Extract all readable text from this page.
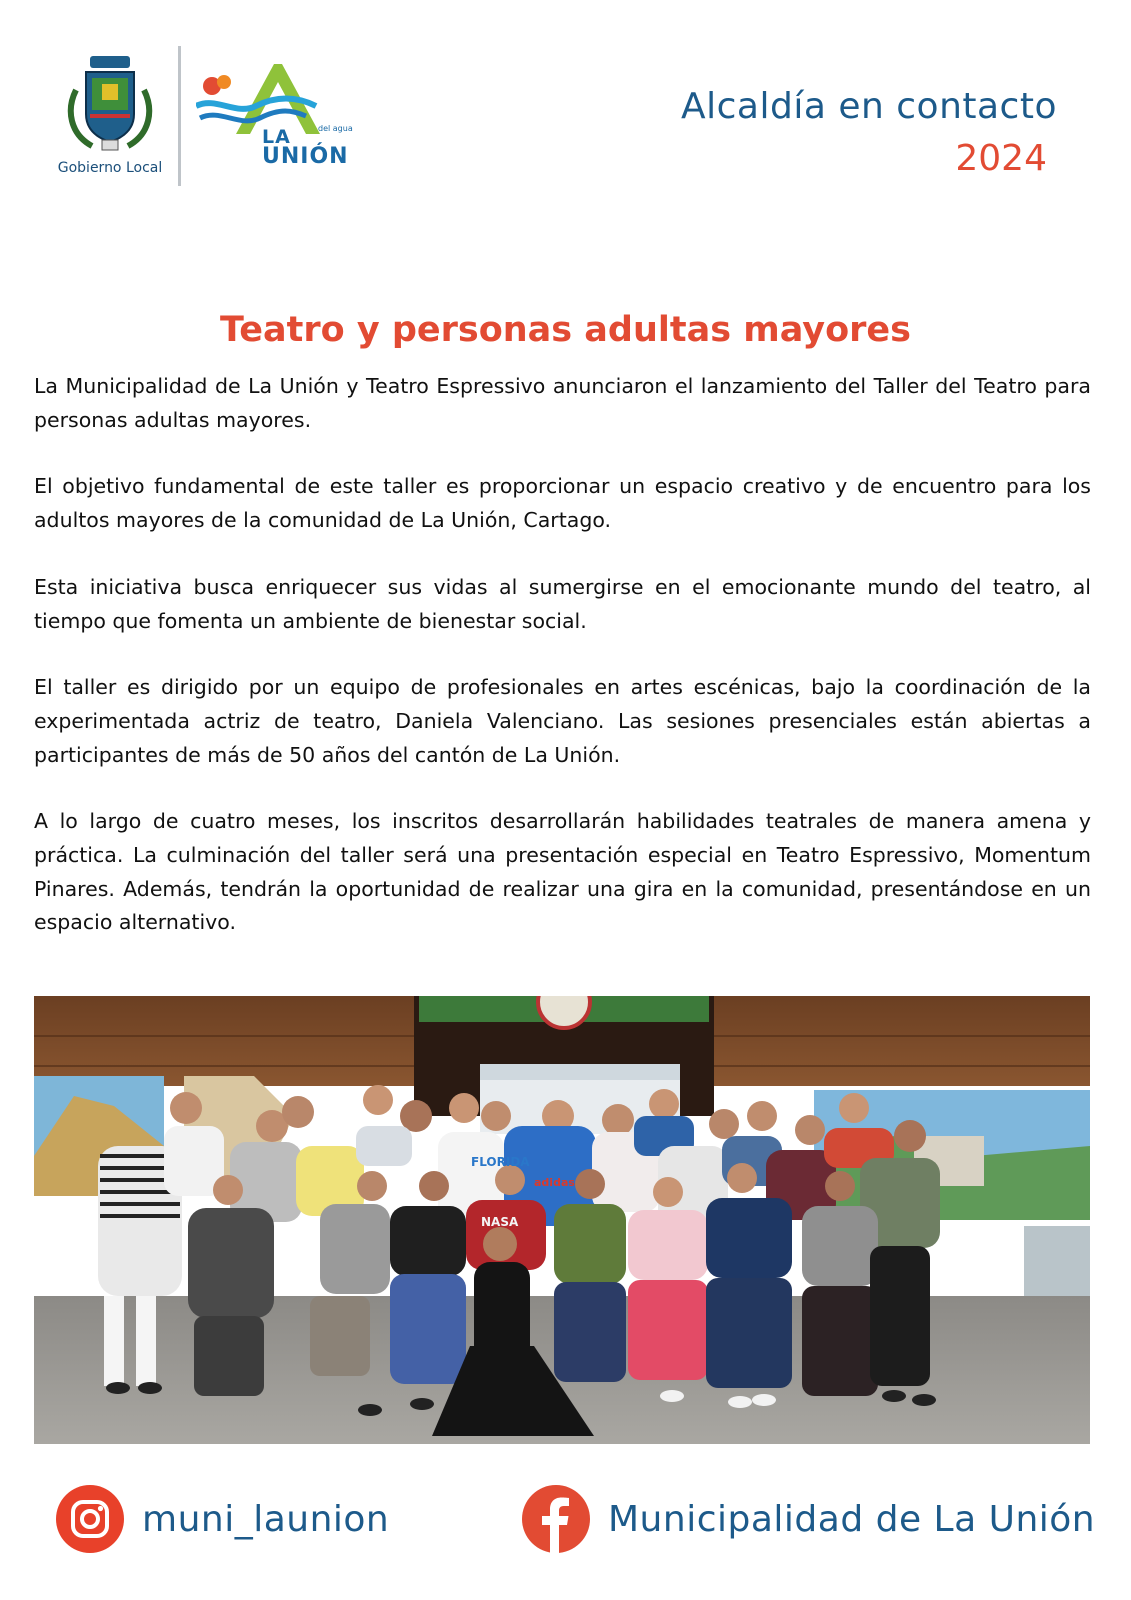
Gobierno Local
LA	del agua
UNIÓN
Alcaldía en contacto
2024
Teatro y personas adultas mayores

La Municipalidad de La Unión y Teatro Espressivo anunciaron el lanzamiento del Taller del Teatro para personas adultas mayores.

El objetivo fundamental de este taller es proporcionar un espacio creativo y de encuentro para los adultos mayores de la comunidad de La Unión, Cartago.

Esta iniciativa busca enriquecer sus vidas al sumergirse en el emocionante mundo del teatro, al tiempo que fomenta un ambiente de bienestar social.

El taller es dirigido por un equipo de profesionales en artes escénicas, bajo la coordinación de la experimentada actriz de teatro, Daniela Valenciano. Las sesiones presenciales están abiertas a participantes de más de 50 años del cantón de La Unión.

A lo largo de cuatro meses, los inscritos desarrollarán habilidades teatrales de manera amena y práctica. La culminación del taller será una presentación especial en Teatro Espressivo, Momentum Pinares. Además, tendrán la oportunidad de realizar una gira en la comunidad, presentándose en un espacio alternativo.

FLORIDA
NASA
adidas
muni_launion	Municipalidad de La Unión
